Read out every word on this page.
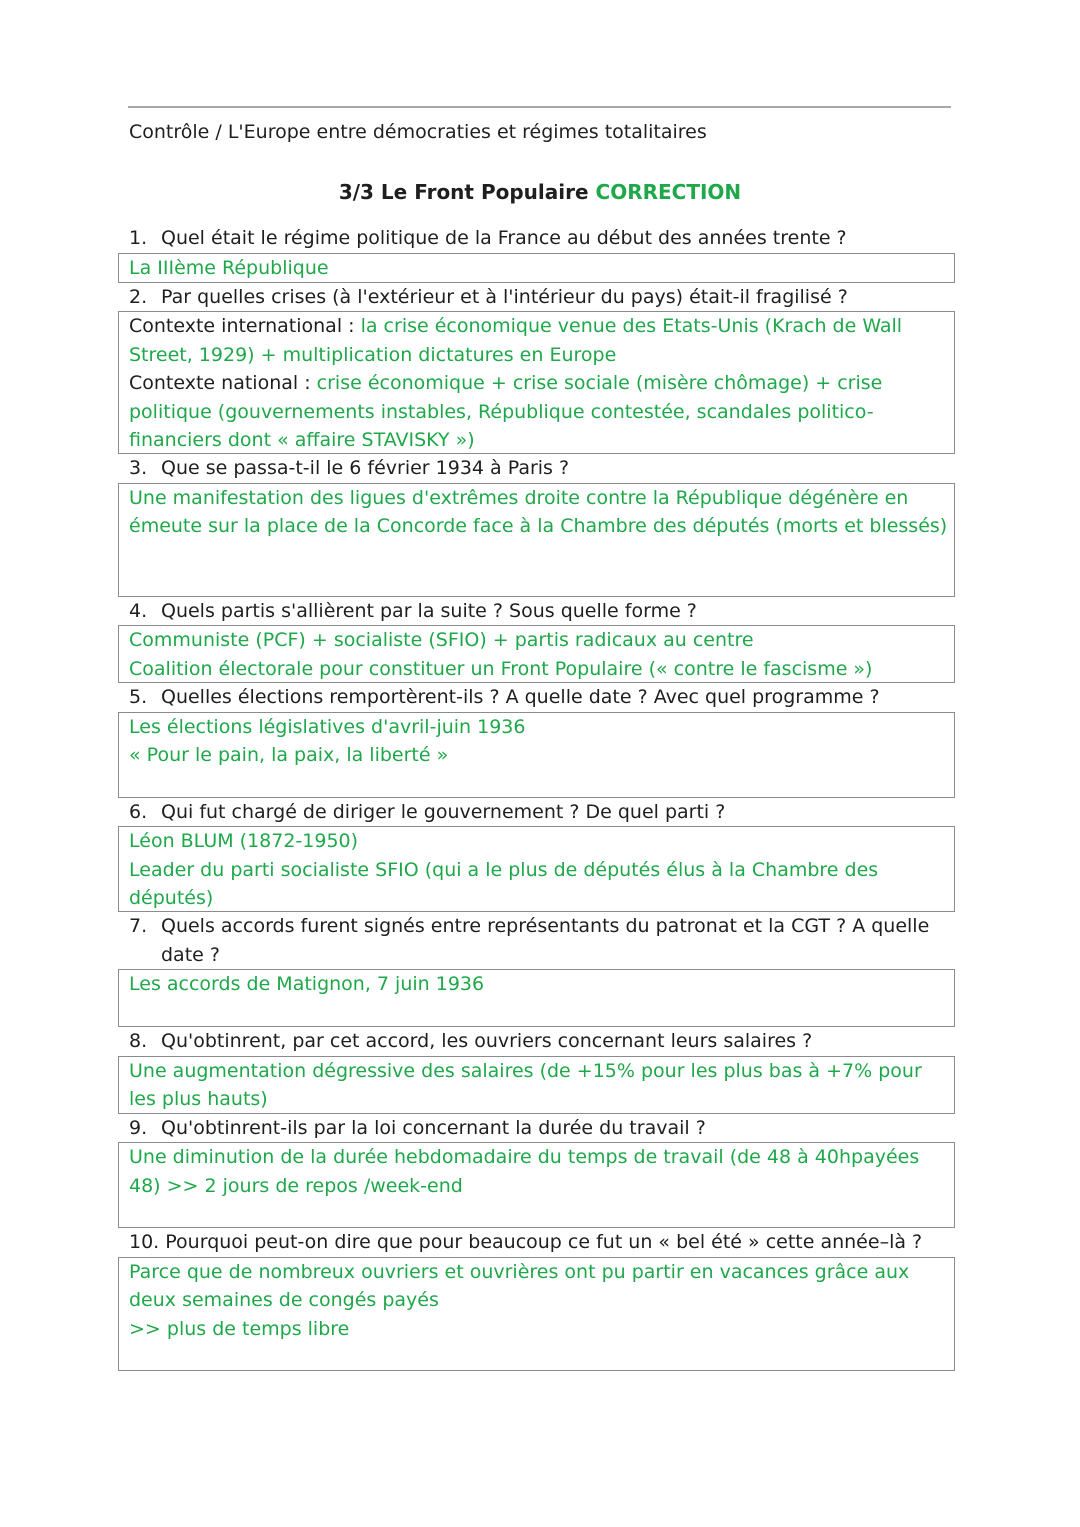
Contrôle / L'Europe entre démocraties et régimes totalitaires
3/3 Le Front Populaire CORRECTION
1. Quel était le régime politique de la France au début des années trente ?
La IIIème République
2. Par quelles crises (à l'extérieur et à l'intérieur du pays) était-il fragilisé ?
Contexte international : la crise économique venue des Etats-Unis (Krach de Wall Street, 1929) + multiplication dictatures en Europe
Contexte national : crise économique + crise sociale (misère chômage) + crise politique (gouvernements instables, République contestée, scandales politico-financiers dont « affaire STAVISKY »)
3. Que se passa-t-il le 6 février 1934 à Paris ?
Une manifestation des ligues d'extrêmes droite contre la République dégénère en émeute sur la place de la Concorde face à la Chambre des députés (morts et blessés)
4. Quels partis s'allièrent par la suite ? Sous quelle forme ?
Communiste (PCF) + socialiste (SFIO) + partis radicaux au centre
Coalition électorale pour constituer un Front Populaire (« contre le fascisme »)
5. Quelles élections remportèrent-ils ? A quelle date ? Avec quel programme ?
Les élections législatives d'avril-juin 1936
« Pour le pain, la paix, la liberté »
6. Qui fut chargé de diriger le gouvernement ? De quel parti ?
Léon BLUM (1872-1950)
Leader du parti socialiste SFIO (qui a le plus de députés élus à la Chambre des députés)
7. Quels accords furent signés entre représentants du patronat et la CGT ? A quelle date ?
Les accords de Matignon, 7 juin 1936
8. Qu'obtinrent, par cet accord, les ouvriers concernant leurs salaires ?
Une augmentation dégressive des salaires (de +15% pour les plus bas à +7% pour les plus hauts)
9. Qu'obtinrent-ils par la loi concernant la durée du travail ?
Une diminution de la durée hebdomadaire du temps de travail (de 48 à 40hpayées 48) >> 2 jours de repos /week-end
10. Pourquoi peut-on dire que pour beaucoup ce fut un « bel été » cette année–là ?
Parce que de nombreux ouvriers et ouvrières ont pu partir en vacances grâce aux deux semaines de congés payés
>> plus de temps libre
